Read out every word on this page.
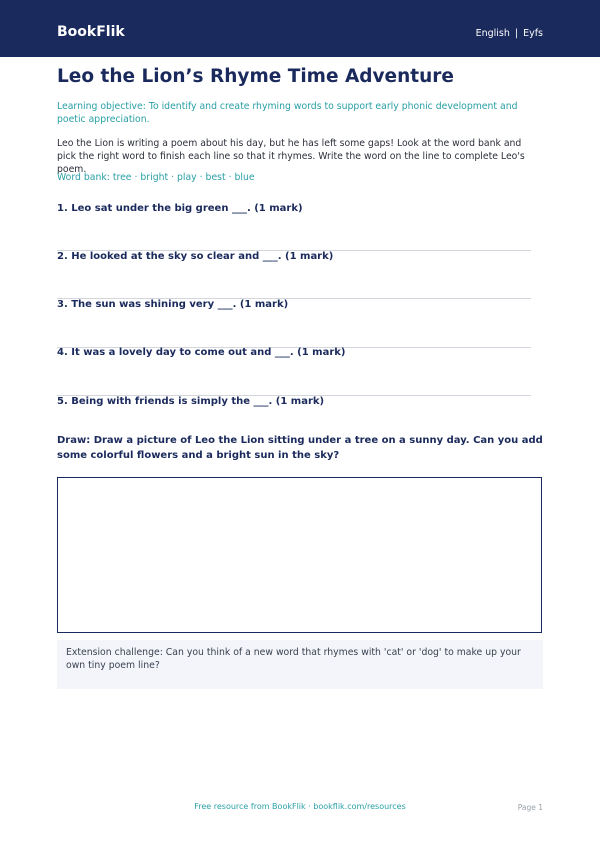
BookFlik	English | Eyfs
Leo the Lion’s Rhyme Time Adventure

Learning objective: To identify and create rhyming words to support early phonic development and poetic appreciation.

Leo the Lion is writing a poem about his day, but he has left some gaps! Look at the word bank and pick the right word to finish each line so that it rhymes. Write the word on the line to complete Leo's poem.

Word bank: tree · bright · play · best · blue
1. Leo sat under the big green ___. (1 mark)
2. He looked at the sky so clear and ___. (1 mark)
3. The sun was shining very ___. (1 mark)
4. It was a lovely day to come out and ___. (1 mark)
5. Being with friends is simply the ___. (1 mark)

Draw: Draw a picture of Leo the Lion sitting under a tree on a sunny day. Can you add some colorful flowers and a bright sun in the sky?

Extension challenge: Can you think of a new word that rhymes with 'cat' or 'dog' to make up your own tiny poem line?

Free resource from BookFlik · bookflik.com/resources	Page 1
